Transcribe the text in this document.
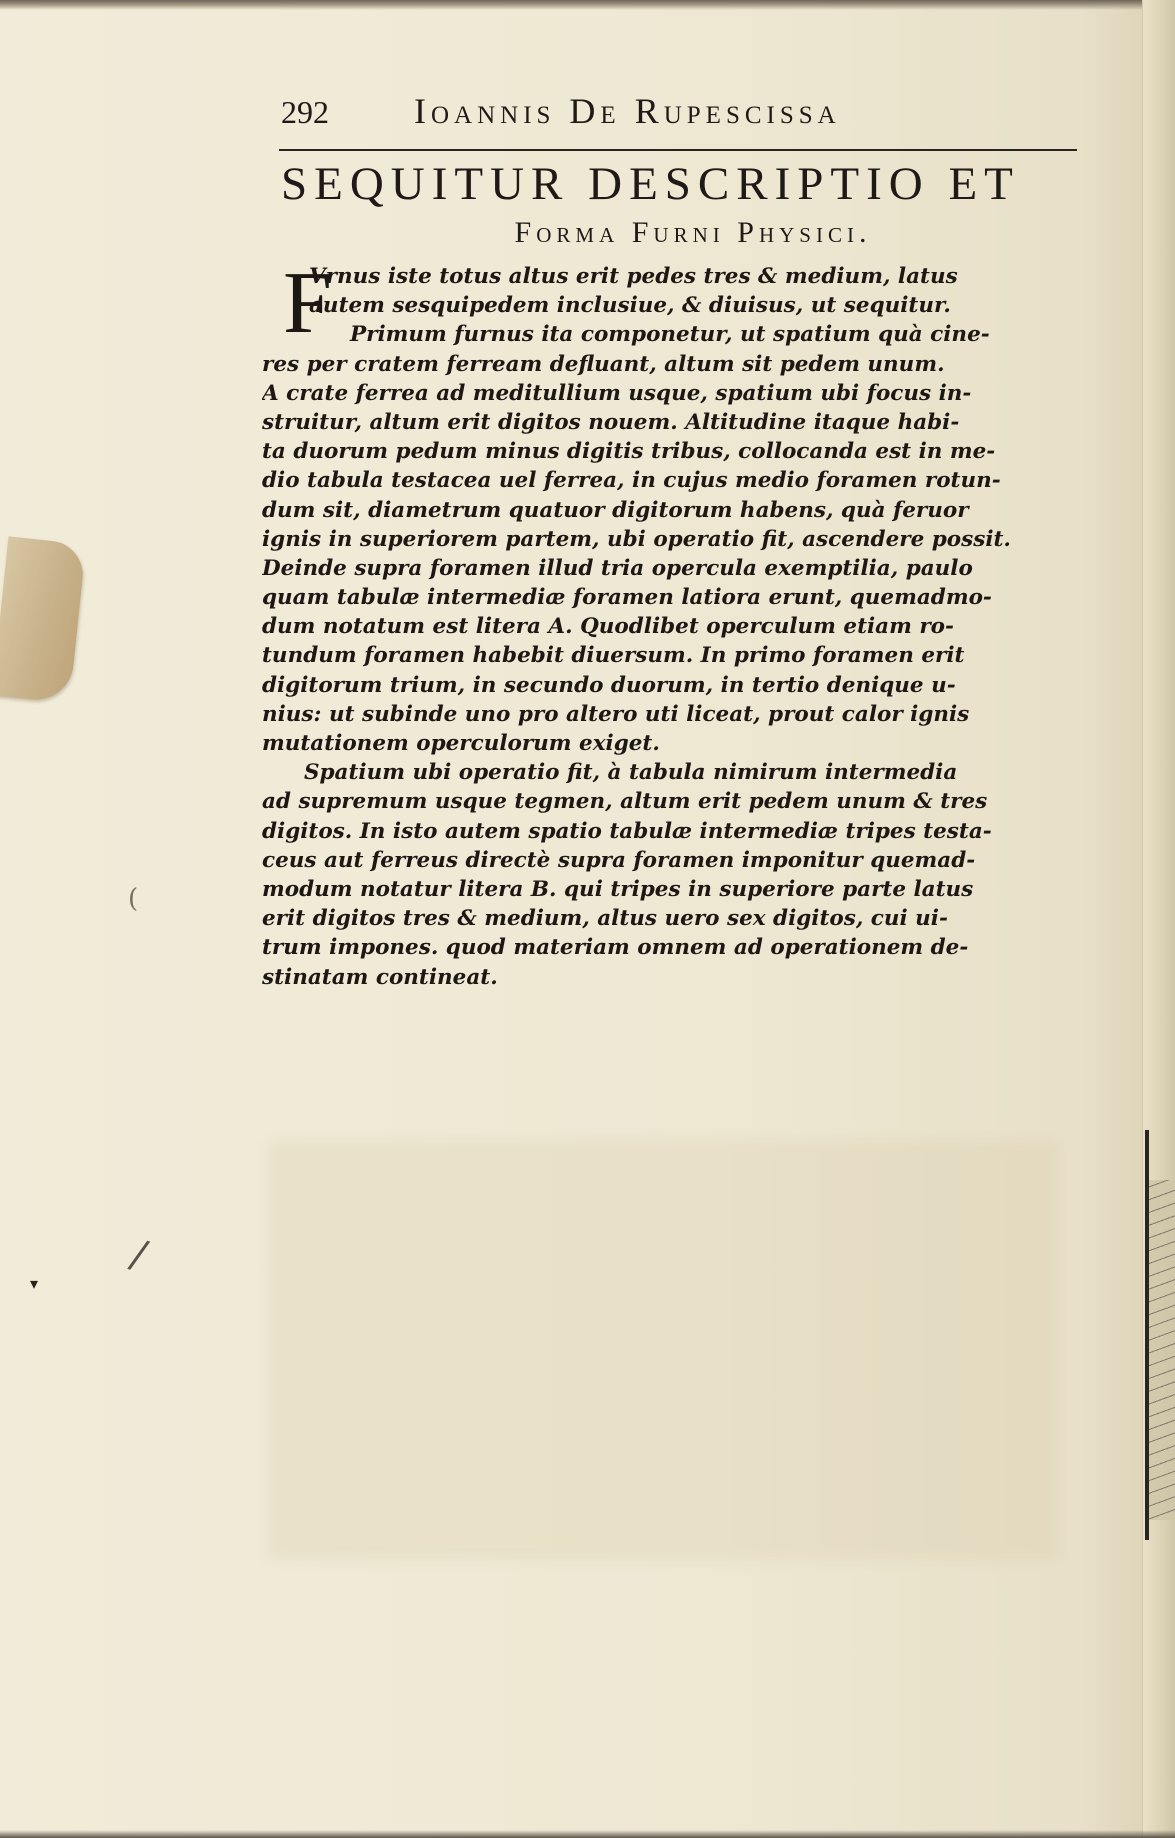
(
/
▾
292 Ioannis De Rupescissa
SEQUITUR DESCRIPTIO ET
Forma Furni Physici.
F
Vrnus iste totus altus erit pedes tres & medium, latus
autem sesquipedem inclusiue, & diuisus, ut sequitur.
Primum furnus ita componetur, ut spatium quà cine-
res per cratem ferream defluant, altum sit pedem unum.
A crate ferrea ad meditullium usque, spatium ubi focus in-
struitur, altum erit digitos nouem. Altitudine itaque habi-
ta duorum pedum minus digitis tribus, collocanda est in me-
dio tabula testacea uel ferrea, in cujus medio foramen rotun-
dum sit, diametrum quatuor digitorum habens, quà feruor
ignis in superiorem partem, ubi operatio fit, ascendere possit.
Deinde supra foramen illud tria opercula exemptilia, paulo
quam tabulæ intermediæ foramen latiora erunt, quemadmo-
dum notatum est litera A. Quodlibet operculum etiam ro-
tundum foramen habebit diuersum. In primo foramen erit
digitorum trium, in secundo duorum, in tertio denique u-
nius: ut subinde uno pro altero uti liceat, prout calor ignis
mutationem operculorum exiget.
Spatium ubi operatio fit, à tabula nimirum intermedia
ad supremum usque tegmen, altum erit pedem unum & tres
digitos. In isto autem spatio tabulæ intermediæ tripes testa-
ceus aut ferreus directè supra foramen imponitur quemad-
modum notatur litera B. qui tripes in superiore parte latus
erit digitos tres & medium, altus uero sex digitos, cui ui-
trum impones. quod materiam omnem ad operationem de-
stinatam contineat.
